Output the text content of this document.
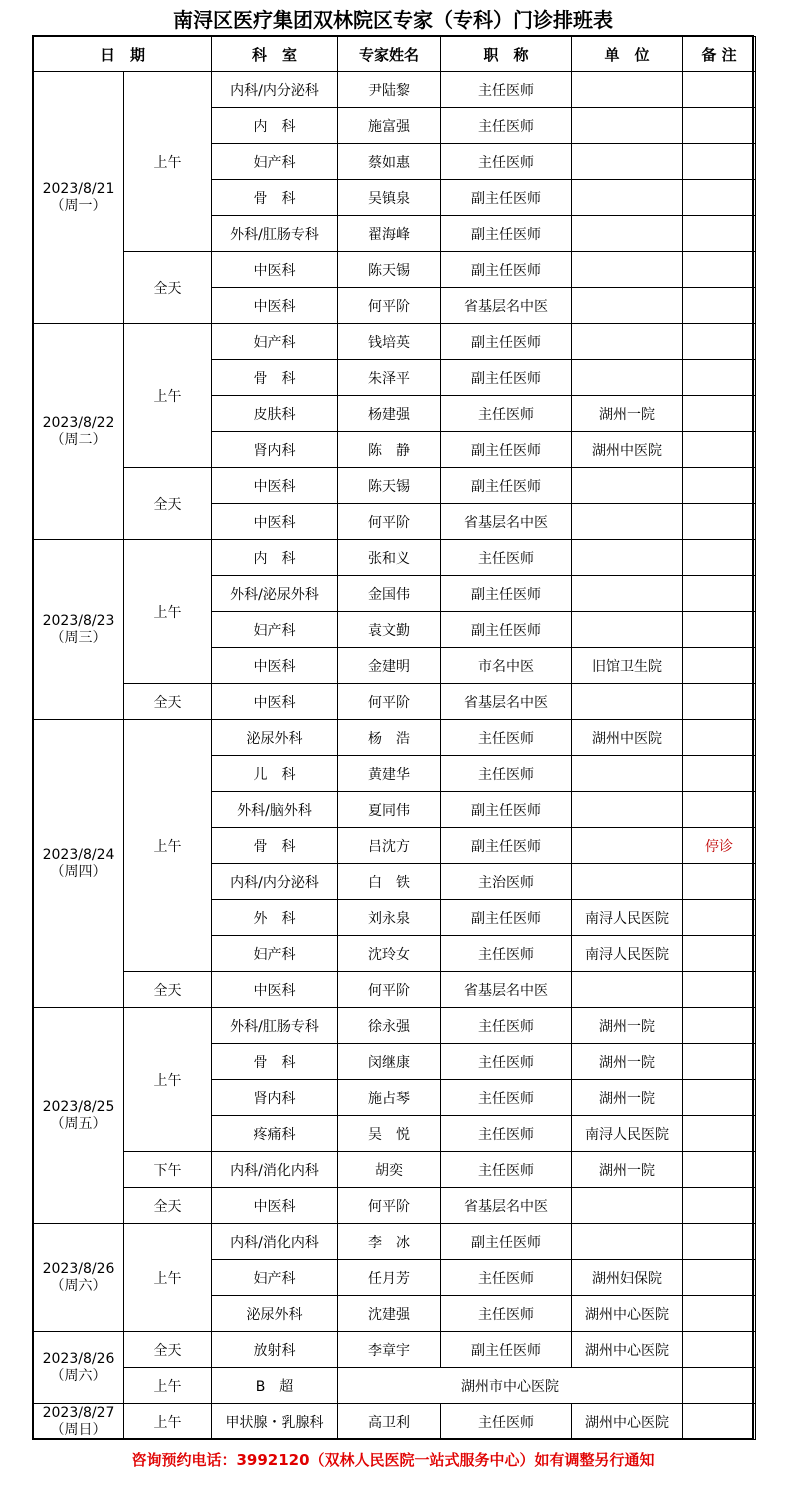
南浔区医疗集团双林院区专家（专科）门诊排班表
日　期		科　室	专家姓名	职　称	单　位	备 注

2023/8/21
（周一）	上午	内科/内分泌科	尹陆黎	主任医师		
		内　科	施富强	主任医师		
		妇产科	蔡如惠	主任医师		
		骨　科	吴镇泉	副主任医师		
		外科/肛肠专科	翟海峰	副主任医师		
	全天	中医科	陈天锡	副主任医师		
		中医科	何平阶	省基层名中医		

2023/8/22
（周二）	上午	妇产科	钱培英	副主任医师		
		骨　科	朱泽平	副主任医师		
		皮肤科	杨建强	主任医师	湖州一院	
		肾内科	陈　静	副主任医师	湖州中医院	
	全天	中医科	陈天锡	副主任医师		
		中医科	何平阶	省基层名中医		

2023/8/23
（周三）	上午	内　科	张和义	主任医师		
		外科/泌尿外科	金国伟	副主任医师		
		妇产科	袁文勤	副主任医师		
		中医科	金建明	市名中医	旧馆卫生院	
	全天	中医科	何平阶	省基层名中医		

2023/8/24
（周四）	上午	泌尿外科	杨　浩	主任医师	湖州中医院	
		儿　科	黄建华	主任医师		
		外科/脑外科	夏同伟	副主任医师		
		骨　科	吕沈方	副主任医师		停诊
		内科/内分泌科	白　铁	主治医师		
		外　科	刘永泉	副主任医师	南浔人民医院	
		妇产科	沈玲女	主任医师	南浔人民医院	
	全天	中医科	何平阶	省基层名中医		

2023/8/25
（周五）	上午	外科/肛肠专科	徐永强	主任医师	湖州一院	
		骨　科	闵继康	主任医师	湖州一院	
		肾内科	施占琴	主任医师	湖州一院	
		疼痛科	吴　悦	主任医师	南浔人民医院	
	下午	内科/消化内科	胡奕	主任医师	湖州一院	
	全天	中医科	何平阶	省基层名中医		

2023/8/26
（周六）	上午	内科/消化内科	李　冰	副主任医师		
		妇产科	任月芳	主任医师	湖州妇保院	
		泌尿外科	沈建强	主任医师	湖州中心医院	

2023/8/26
（周六）	全天	放射科	李章宇	副主任医师	湖州中心医院	
	上午	B　超	湖州市中心医院			

2023/8/27
（周日）	上午	甲状腺・乳腺科	高卫利	主任医师	湖州中心医院	
咨询预约电话：3992120（双林人民医院一站式服务中心）如有调整另行通知
